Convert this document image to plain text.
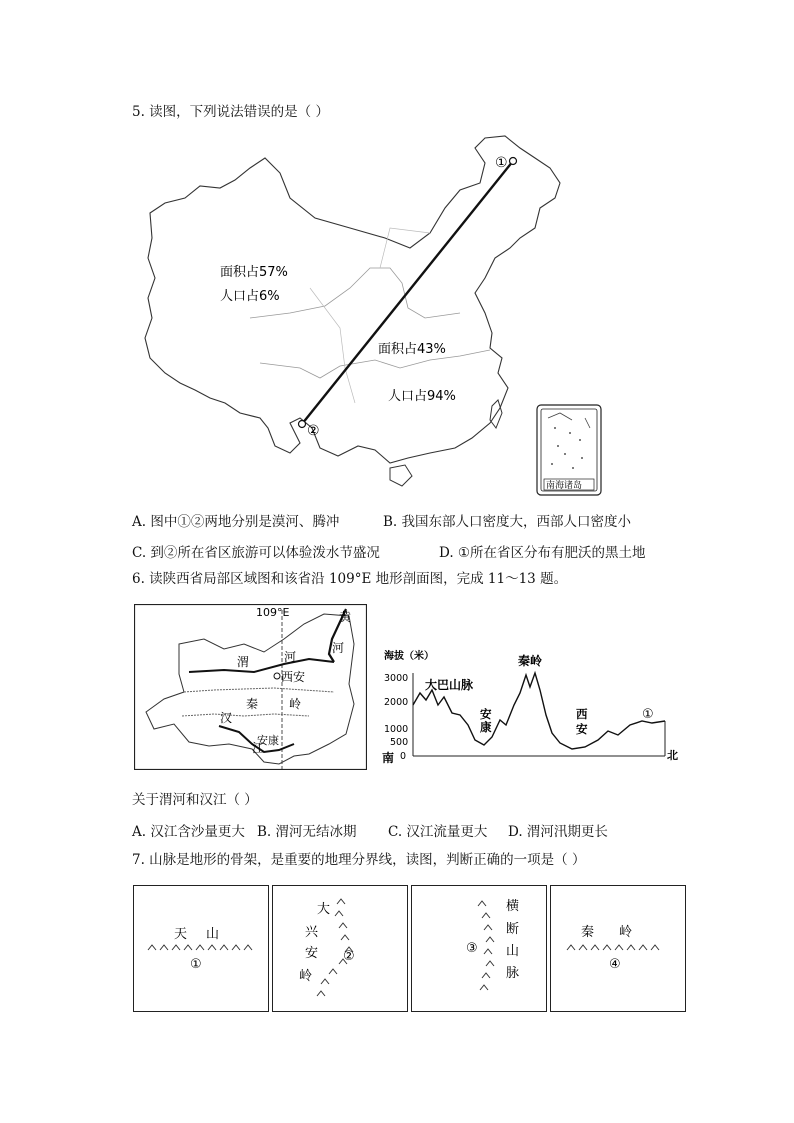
5. 读图，下列说法错误的是（ ）
①
②
面积占57%
人口占6%
面积占43%
人口占94%
南海诸岛
A. 图中①②两地分别是漠河、腾冲	B. 我国东部人口密度大，西部人口密度小
C. 到②所在省区旅游可以体验泼水节盛况	D. ①所在省区分布有肥沃的黑土地
6. 读陕西省局部区域图和该省沿 109°E 地形剖面图，完成 11～13 题。
109°E	黄
河
渭	河
西安
秦	岭
汉
江
安康
海拔（米）
3000
2000
1000
500
0
大巴山脉
秦岭
安
康
西
安
①
南	北
关于渭河和汉江（ ）
A. 汉江含沙量更大 B. 渭河无结冰期 C. 汉江流量更大 D. 渭河汛期更长
7. 山脉是地形的骨架，是重要的地理分界线，读图，判断正确的一项是（ ）
天 山
①
大
兴
安
岭
②
横
断
山
脉
③
秦 岭
④
